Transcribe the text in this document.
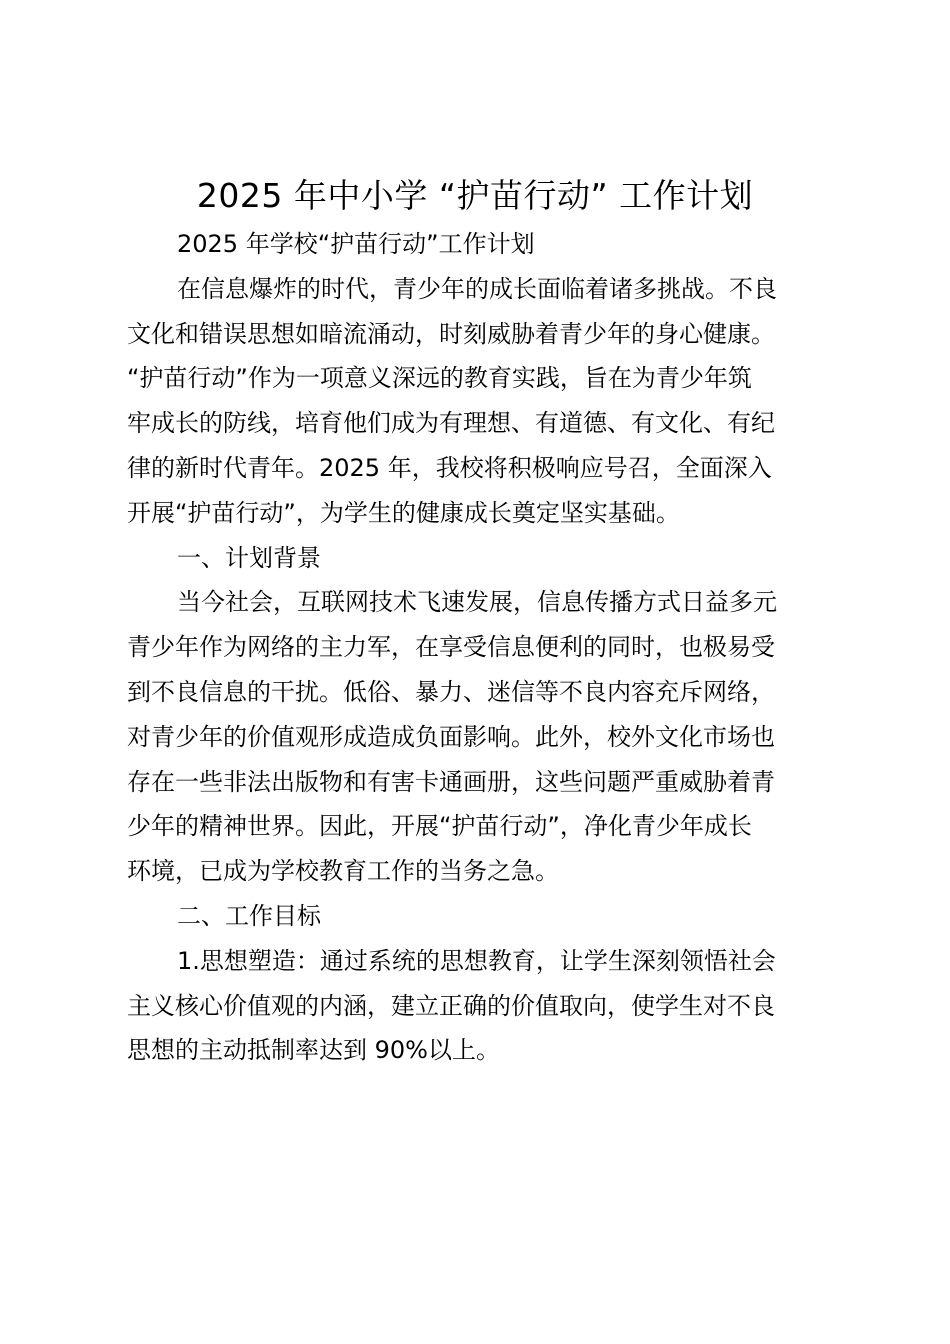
2025 年中小学 “护苗行动” 工作计划
2025 年学校“护苗行动”工作计划
在信息爆炸的时代，青少年的成长面临着诸多挑战。不良
文化和错误思想如暗流涌动，时刻威胁着青少年的身心健康。
“护苗行动”作为一项意义深远的教育实践，旨在为青少年筑
牢成长的防线，培育他们成为有理想、有道德、有文化、有纪
律的新时代青年。2025 年，我校将积极响应号召，全面深入
开展“护苗行动”，为学生的健康成长奠定坚实基础。
一、计划背景
当今社会，互联网技术飞速发展，信息传播方式日益多元
青少年作为网络的主力军，在享受信息便利的同时，也极易受
到不良信息的干扰。低俗、暴力、迷信等不良内容充斥网络，
对青少年的价值观形成造成负面影响。此外，校外文化市场也
存在一些非法出版物和有害卡通画册，这些问题严重威胁着青
少年的精神世界。因此，开展“护苗行动”，净化青少年成长
环境，已成为学校教育工作的当务之急。
二、工作目标
1.思想塑造：通过系统的思想教育，让学生深刻领悟社会
主义核心价值观的内涵，建立正确的价值取向，使学生对不良
思想的主动抵制率达到 90%以上。
